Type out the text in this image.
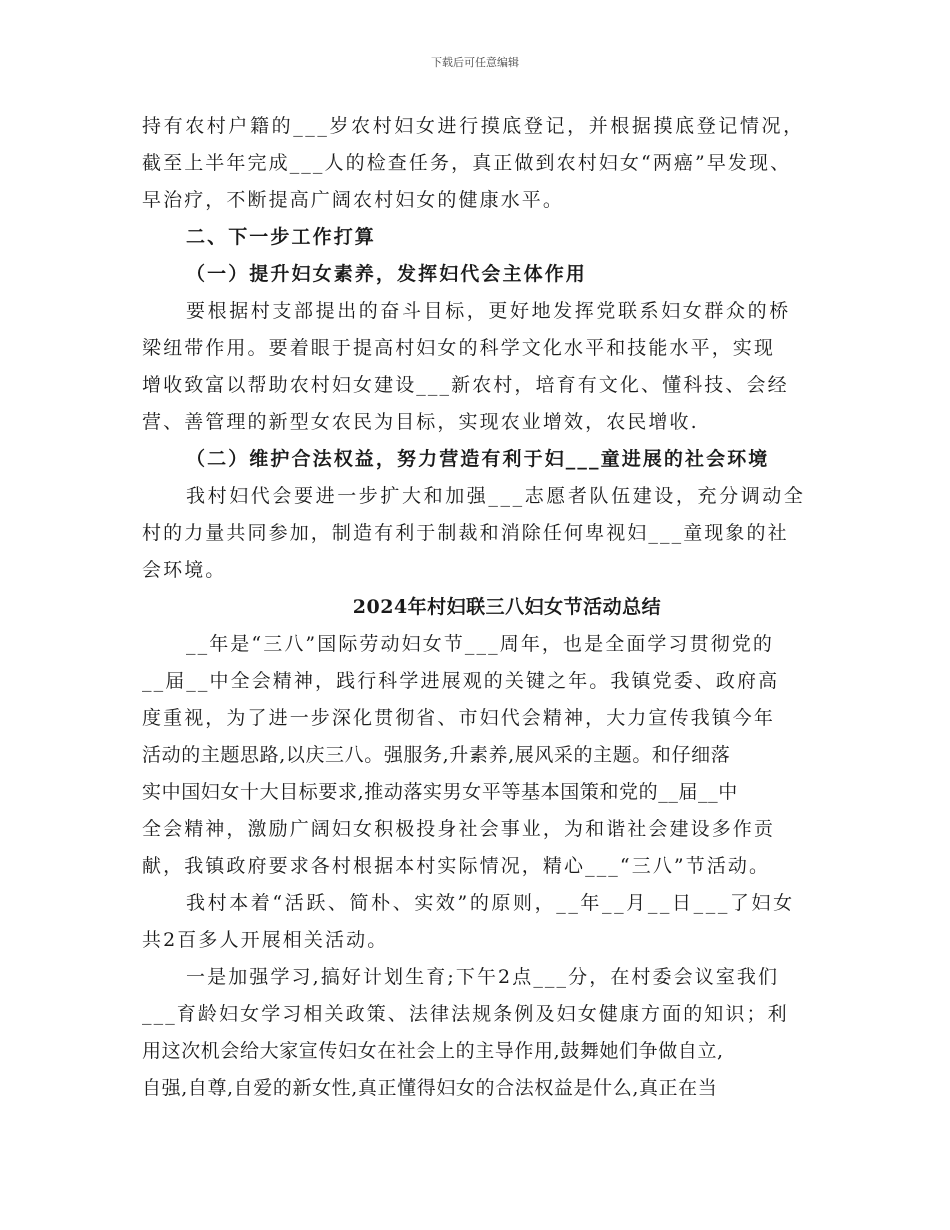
下载后可任意编辑
持有农村户籍的___岁农村妇女进行摸底登记，并根据摸底登记情况，
截至上半年完成___人的检查任务，真正做到农村妇女“两癌”早发现、
早治疗，不断提高广阔农村妇女的健康水平。
二、下一步工作打算
（一）提升妇女素养，发挥妇代会主体作用
要根据村支部提出的奋斗目标，更好地发挥党联系妇女群众的桥
梁纽带作用。要着眼于提高村妇女的科学文化水平和技能水平，实现
增收致富以帮助农村妇女建设___新农村，培育有文化、懂科技、会经
营、善管理的新型女农民为目标，实现农业增效，农民增收.
（二）维护合法权益，努力营造有利于妇___童进展的社会环境
我村妇代会要进一步扩大和加强___志愿者队伍建设，充分调动全
村的力量共同参加，制造有利于制裁和消除任何卑视妇___童现象的社
会环境。
2024年村妇联三八妇女节活动总结
__年是“三八”国际劳动妇女节___周年，也是全面学习贯彻党的
__届__中全会精神，践行科学进展观的关键之年。我镇党委、政府高
度重视，为了进一步深化贯彻省、市妇代会精神，大力宣传我镇今年
活动的主题思路,以庆三八。强服务,升素养,展风采的主题。和仔细落
实中国妇女十大目标要求,推动落实男女平等基本国策和党的__届__中
全会精神，激励广阔妇女积极投身社会事业，为和谐社会建设多作贡
献，我镇政府要求各村根据本村实际情况，精心___“三八”节活动。
我村本着“活跃、简朴、实效”的原则，__年__月__日___了妇女
共2百多人开展相关活动。
一是加强学习,搞好计划生育;下午2点___分，在村委会议室我们
___育龄妇女学习相关政策、法律法规条例及妇女健康方面的知识；利
用这次机会给大家宣传妇女在社会上的主导作用,鼓舞她们争做自立,
自强,自尊,自爱的新女性,真正懂得妇女的合法权益是什么,真正在当
